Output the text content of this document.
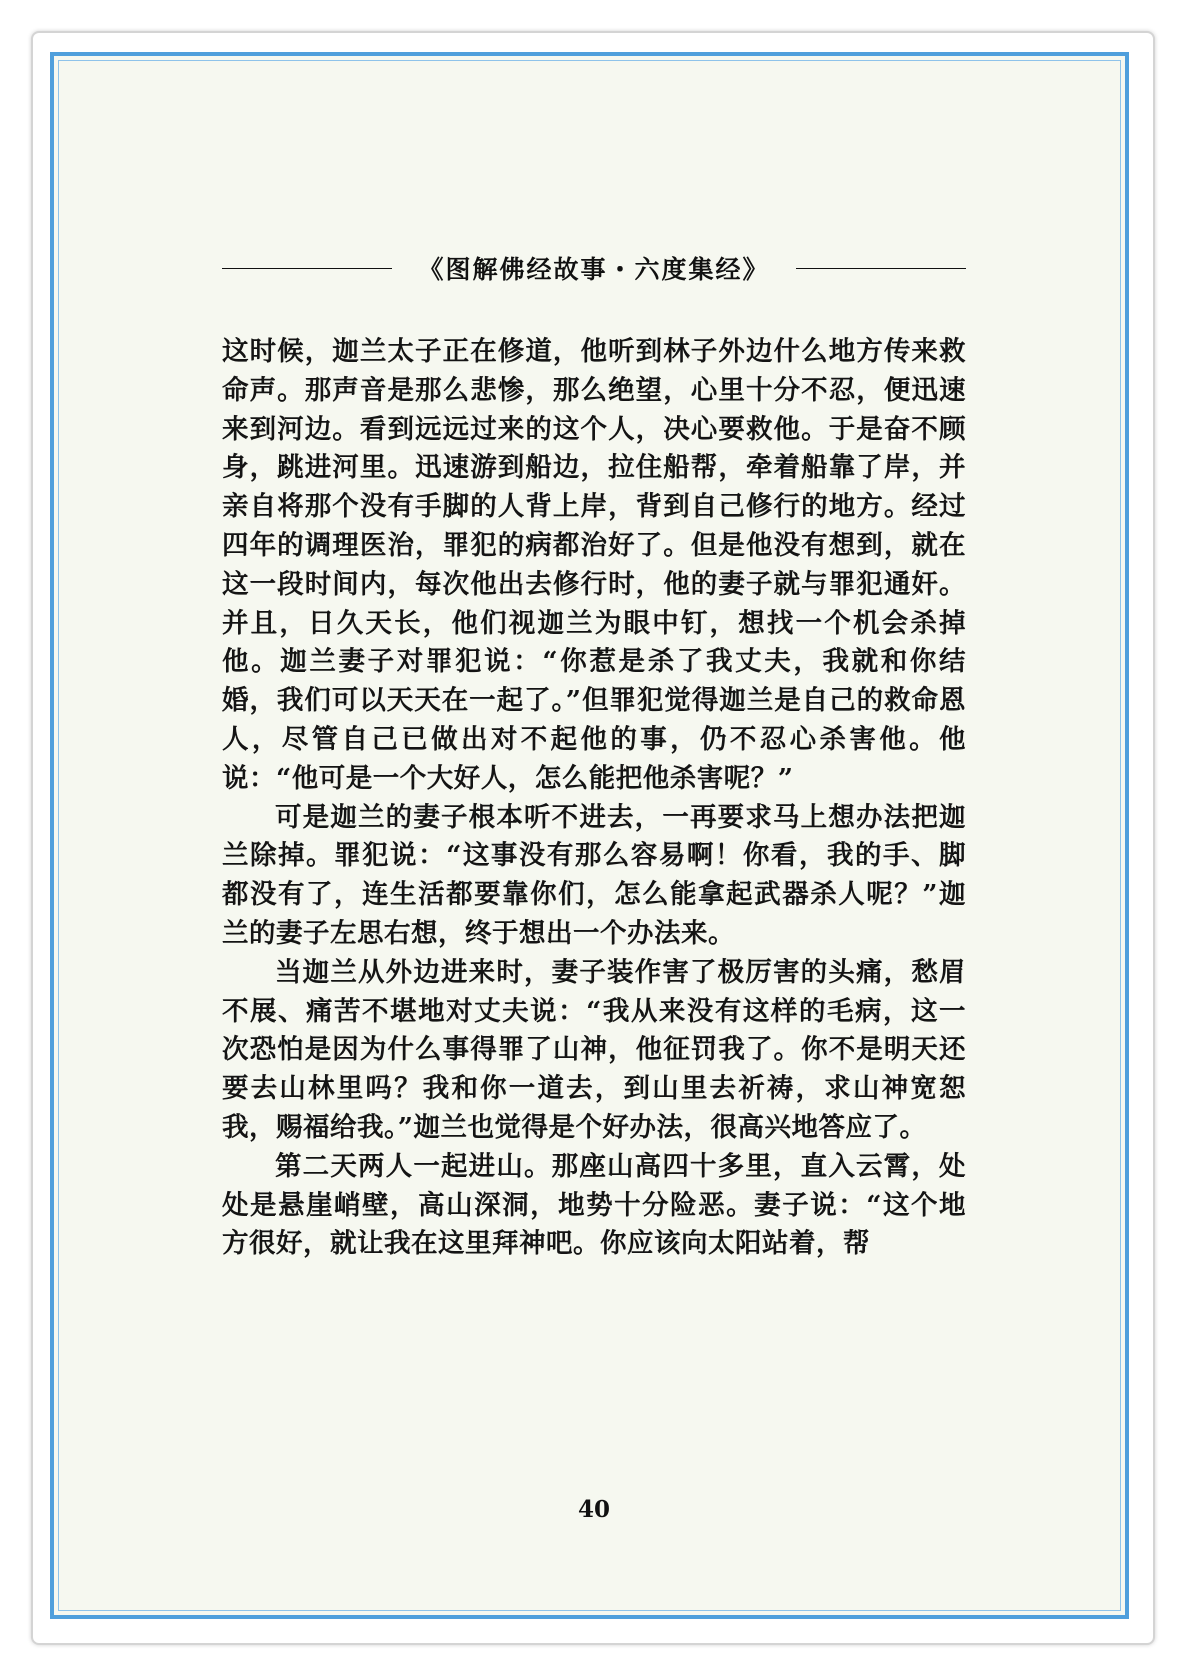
《图解佛经故事・六度集经》

这时候，迦兰太子正在修道，他听到林子外边什么地方传来救命声。那声音是那么悲惨，那么绝望，心里十分不忍，便迅速来到河边。看到远远过来的这个人，决心要救他。于是奋不顾身，跳进河里。迅速游到船边，拉住船帮，牵着船靠了岸，并亲自将那个没有手脚的人背上岸，背到自己修行的地方。经过四年的调理医治，罪犯的病都治好了。但是他没有想到，就在这一段时间内，每次他出去修行时，他的妻子就与罪犯通奸。并且，日久天长，他们视迦兰为眼中钉，想找一个机会杀掉他。迦兰妻子对罪犯说：“你惹是杀了我丈夫，我就和你结婚，我们可以天天在一起了。”但罪犯觉得迦兰是自己的救命恩人，尽管自己已做出对不起他的事，仍不忍心杀害他。他说：“他可是一个大好人，怎么能把他杀害呢？”

可是迦兰的妻子根本听不进去，一再要求马上想办法把迦兰除掉。罪犯说：“这事没有那么容易啊！你看，我的手、脚都没有了，连生活都要靠你们，怎么能拿起武器杀人呢？”迦兰的妻子左思右想，终于想出一个办法来。

当迦兰从外边进来时，妻子装作害了极厉害的头痛，愁眉不展、痛苦不堪地对丈夫说：“我从来没有这样的毛病，这一次恐怕是因为什么事得罪了山神，他征罚我了。你不是明天还要去山林里吗？我和你一道去，到山里去祈祷，求山神宽恕我，赐福给我。”迦兰也觉得是个好办法，很高兴地答应了。

第二天两人一起进山。那座山高四十多里，直入云霄，处处是悬崖峭壁，高山深洞，地势十分险恶。妻子说：“这个地方很好，就让我在这里拜神吧。你应该向太阳站着，帮

40
